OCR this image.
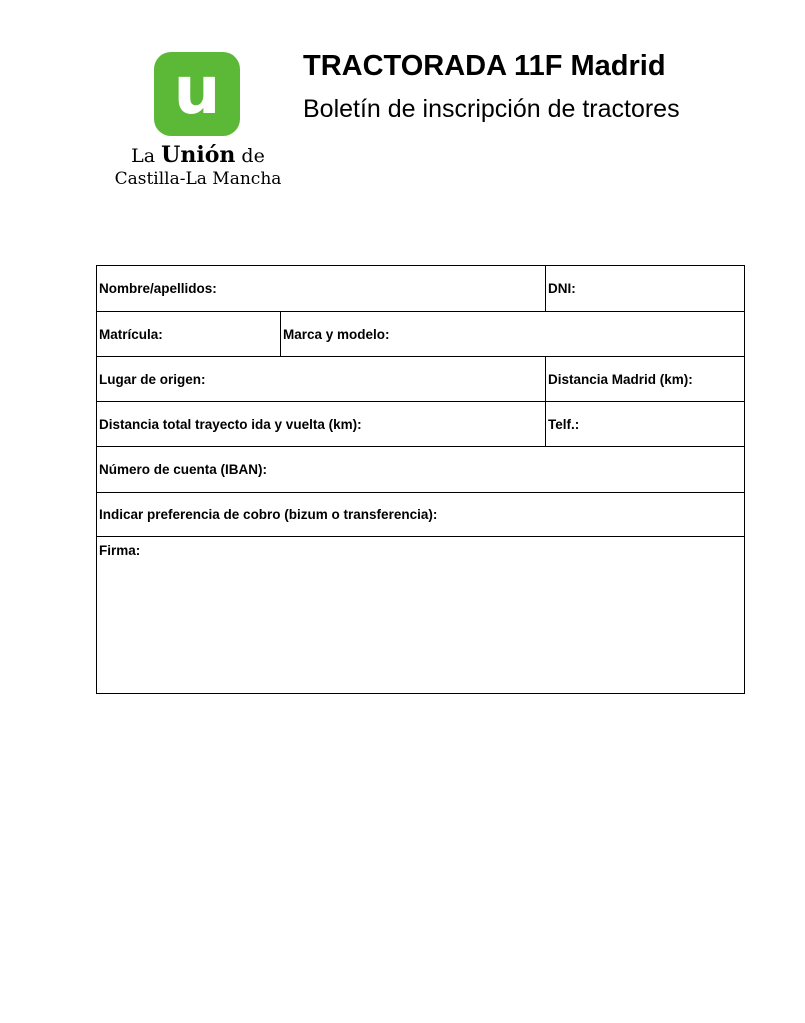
u
La Unión de
Castilla-La Mancha
TRACTORADA 11F Madrid
Boletín de inscripción de tractores
Nombre/apellidos:	DNI:
Matrícula:	Marca y modelo:
Lugar de origen:	Distancia Madrid (km):
Distancia total trayecto ida y vuelta (km):	Telf.:
Número de cuenta (IBAN):
Indicar preferencia de cobro (bizum o transferencia):
Firma:
